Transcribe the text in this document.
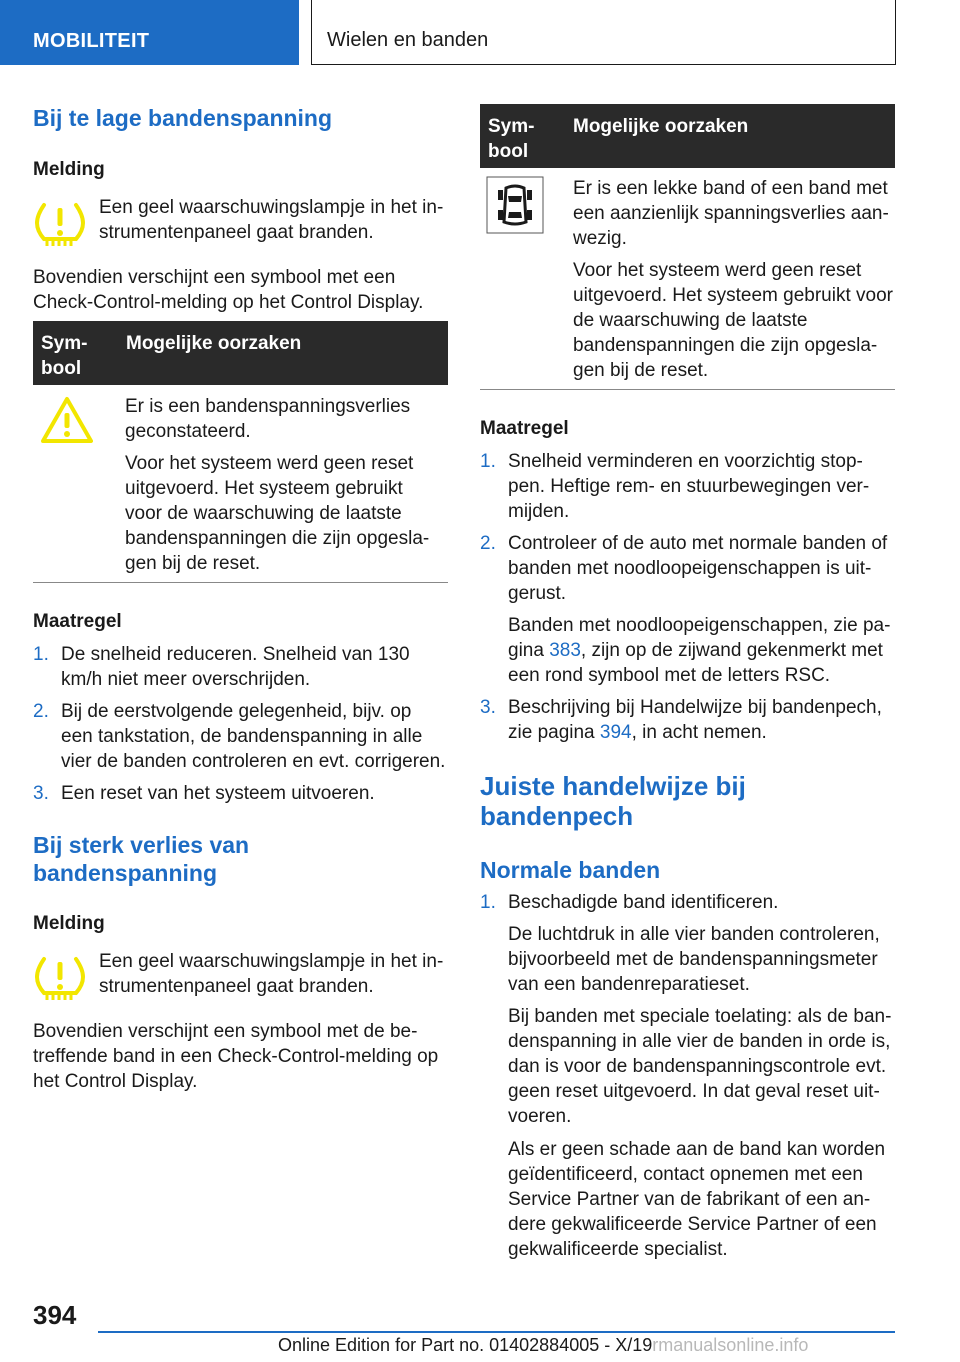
MOBILITEIT	Wielen en banden
Bij te lage bandenspanning
Melding

Een geel waarschuwingslampje in het in-strumentenpaneel gaat branden.

Bovendien verschijnt een symbool met een Check-Control-melding op het Control Display.

Sym-bool
Mogelijke oorzaken

Er is een bandenspanningsverlies geconstateerd.

Voor het systeem werd geen reset uitgevoerd. Het systeem gebruikt voor de waarschuwing de laatste bandenspanningen die zijn opgesla-gen bij de reset.

Maatregel
1. De snelheid reduceren. Snelheid van 130 km/h niet meer overschrijden.
2. Bij de eerstvolgende gelegenheid, bijv. op een tankstation, de bandenspanning in alle vier de banden controleren en evt. corrigeren.
3. Een reset van het systeem uitvoeren.
Bij sterk verlies van bandenspanning
Melding

Een geel waarschuwingslampje in het in-strumentenpaneel gaat branden.

Bovendien verschijnt een symbool met de be-treffende band in een Check-Control-melding op het Control Display.

Sym-bool
Mogelijke oorzaken

Er is een lekke band of een band met een aanzienlijk spanningsverlies aan-wezig.

Voor het systeem werd geen reset uitgevoerd. Het systeem gebruikt voor de waarschuwing de laatste bandenspanningen die zijn opgesla-gen bij de reset.

Maatregel
1. Snelheid verminderen en voorzichtig stop-pen. Heftige rem- en stuurbewegingen ver-mijden.
2. Controleer of de auto met normale banden of banden met noodloopeigenschappen is uit-gerust.

Banden met noodloopeigenschappen, zie pa-gina 383, zijn op de zijwand gekenmerkt met een rond symbool met de letters RSC.

3. Beschrijving bij Handelwijze bij bandenpech, zie pagina 394, in acht nemen.
Juiste handelwijze bij bandenpech
Normale banden
1. Beschadigde band identificeren.

De luchtdruk in alle vier banden controleren, bijvoorbeeld met de bandenspanningsmeter van een bandenreparatieset.

Bij banden met speciale toelating: als de ban-denspanning in alle vier de banden in orde is, dan is voor de bandenspanningscontrole evt. geen reset uitgevoerd. In dat geval reset uit-voeren.

Als er geen schade aan de band kan worden geïdentificeerd, contact opnemen met een Service Partner van de fabrikant of een an-dere gekwalificeerde Service Partner of een gekwalificeerde specialist.

394
Online Edition for Part no. 01402884005 - X/19rmanualsonline.info
